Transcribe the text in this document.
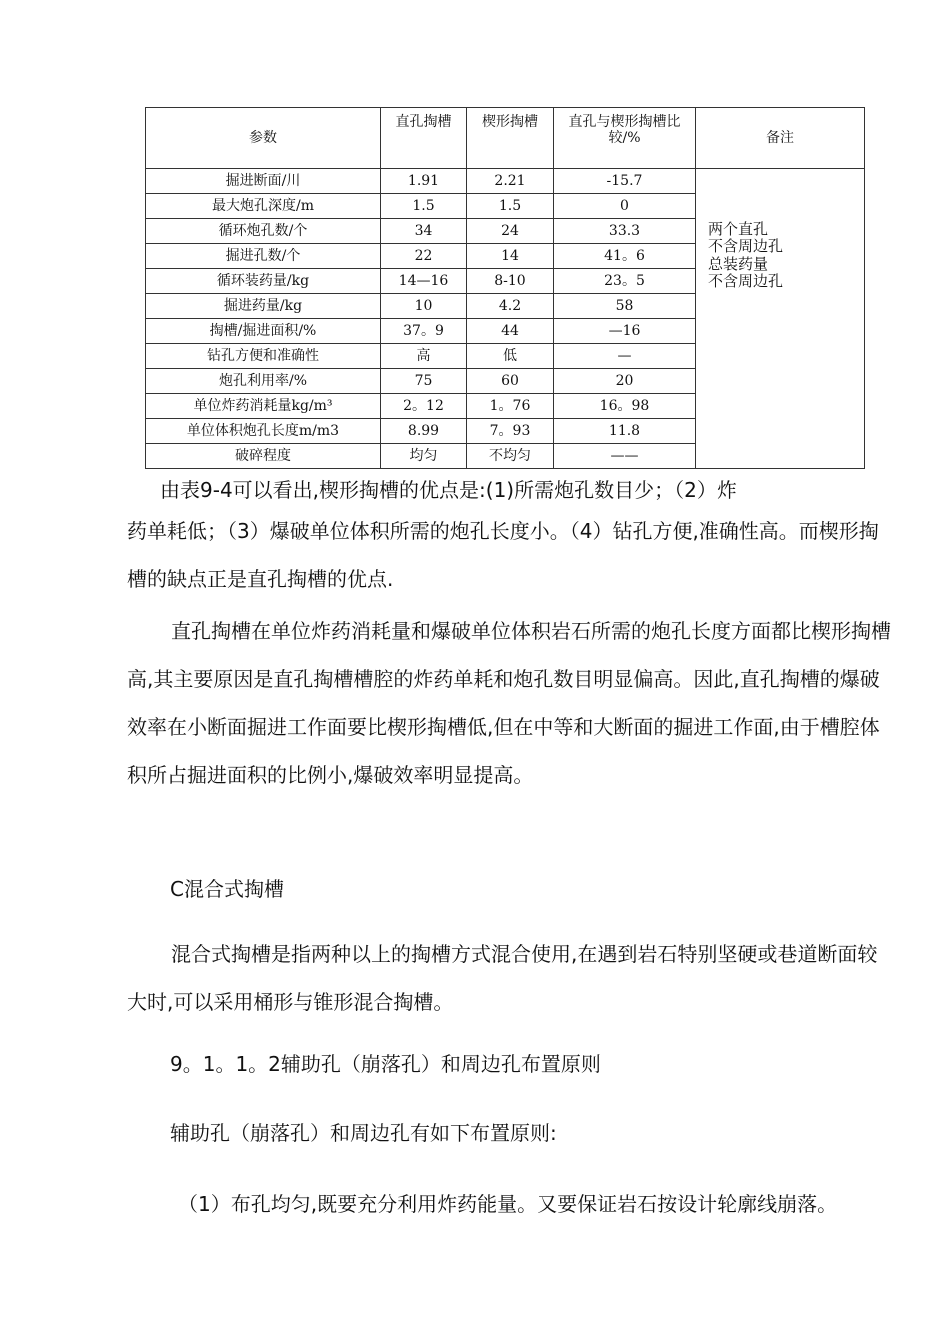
参数	直孔掏槽	楔形掏槽	直孔与楔形掏槽比较/%	备注
掘进断面/川	1.91	2.21	-15.7	两个直孔
不含周边孔
总装药量
不含周边孔

最大炮孔深度/m	1.5	1.5	0	
循环炮孔数/个	34	24	33.3	
掘进孔数/个	22	14	41。6	
循环装药量/kg	14—16	8-10	23。5	
掘进药量/kg	10	4.2	58	
掏槽/掘进面积/%	37。9	44	—16	
钻孔方便和准确性	高	低	—	
炮孔利用率/%	75	60	20	
单位炸药消耗量kg/m³	2。12	1。76	16。98	
单位体积炮孔长度m/m3	8.99	7。93	11.8	
破碎程度	均匀	不均匀	——	
由表9-4可以看出,楔形掏槽的优点是:(1)所需炮孔数目少；（2）炸

药单耗低；（3）爆破单位体积所需的炮孔长度小。（4）钻孔方便,准确性高。而楔形掏槽的缺点正是直孔掏槽的优点.

直孔掏槽在单位炸药消耗量和爆破单位体积岩石所需的炮孔长度方面都比楔形掏槽高,其主要原因是直孔掏槽槽腔的炸药单耗和炮孔数目明显偏高。因此,直孔掏槽的爆破效率在小断面掘进工作面要比楔形掏槽低,但在中等和大断面的掘进工作面,由于槽腔体积所占掘进面积的比例小,爆破效率明显提高。

C混合式掏槽

混合式掏槽是指两种以上的掏槽方式混合使用,在遇到岩石特别坚硬或巷道断面较大时,可以采用桶形与锥形混合掏槽。

9。1。1。2辅助孔（崩落孔）和周边孔布置原则
辅助孔（崩落孔）和周边孔有如下布置原则:
（1）布孔均匀,既要充分利用炸药能量。又要保证岩石按设计轮廓线崩落。
